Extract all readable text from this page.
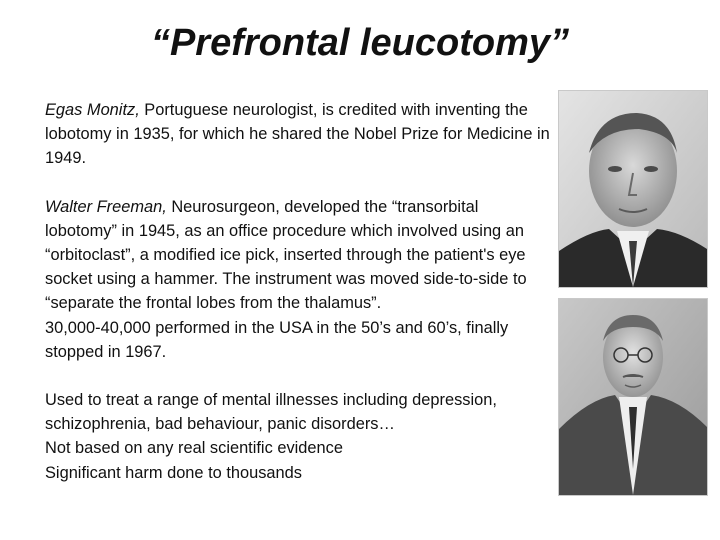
“Prefrontal leucotomy”

Egas Monitz, Portuguese neurologist, is credited with inventing the lobotomy in 1935, for which he shared the Nobel Prize for Medicine in 1949.

Walter Freeman, Neurosurgeon, developed the “transorbital lobotomy” in 1945, as an office procedure which involved using an “orbitoclast”, a modified ice pick, inserted through the patient's eye socket using a hammer. The instrument was moved side-to-side to “separate the frontal lobes from the thalamus”.

30,000-40,000 performed in the USA in the 50’s and 60’s, finally stopped in 1967.

Used to treat a range of mental illnesses including depression, schizophrenia, bad behaviour, panic disorders…

Not based on any real scientific evidence

Significant harm done to thousands
